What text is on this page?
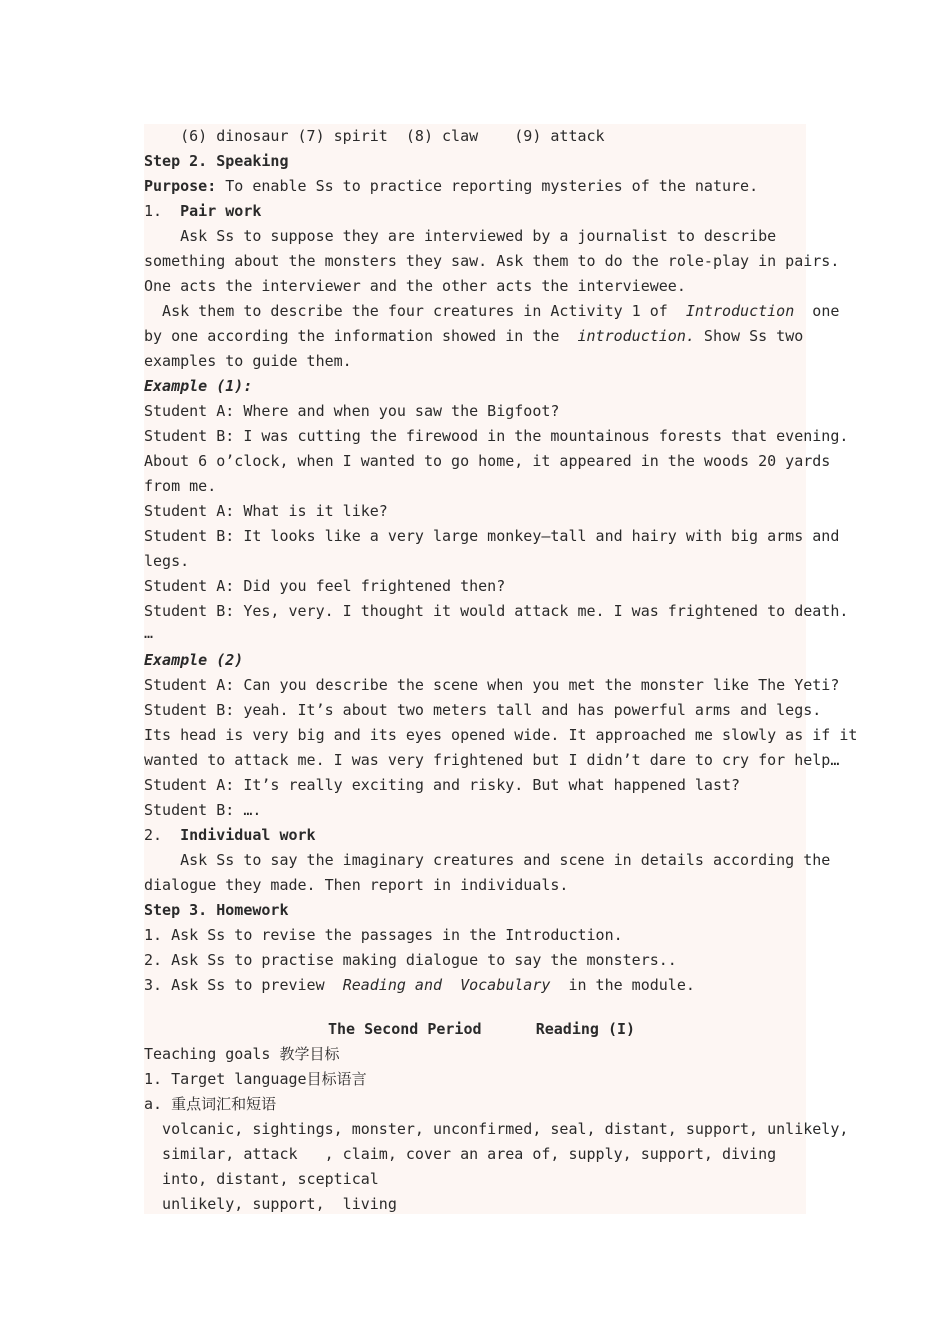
(6) dinosaur (7) spirit  (8) claw    (9) attack
Step 2. Speaking
Purpose: To enable Ss to practice reporting mysteries of the nature.
1.  Pair work
Ask Ss to suppose they are interviewed by a journalist to describe
something about the monsters they saw. Ask them to do the role-play in pairs.
One acts the interviewer and the other acts the interviewee.
Ask them to describe the four creatures in Activity 1 of  Introduction  one
by one according the information showed in the  introduction. Show Ss two
examples to guide them.
Example (1):
Student A: Where and when you saw the Bigfoot?
Student B: I was cutting the firewood in the mountainous forests that evening.
About 6 o’clock, when I wanted to go home, it appeared in the woods 20 yards
from me.
Student A: What is it like?
Student B: It looks like a very large monkey—tall and hairy with big arms and
legs.
Student A: Did you feel frightened then?
Student B: Yes, very. I thought it would attack me. I was frightened to death.
…
Example (2)
Student A: Can you describe the scene when you met the monster like The Yeti?
Student B: yeah. It’s about two meters tall and has powerful arms and legs.
Its head is very big and its eyes opened wide. It approached me slowly as if it
wanted to attack me. I was very frightened but I didn’t dare to cry for help…
Student A: It’s really exciting and risky. But what happened last?
Student B: ….
2.  Individual work
Ask Ss to say the imaginary creatures and scene in details according the
dialogue they made. Then report in individuals.
Step 3. Homework
1. Ask Ss to revise the passages in the Introduction.
2. Ask Ss to practise making dialogue to say the monsters..
3. Ask Ss to preview  Reading and  Vocabulary  in the module.
The Second Period      Reading (I)
Teaching goals 教学目标
1. Target language目标语言
a. 重点词汇和短语
volcanic, sightings, monster, unconfirmed, seal, distant, support, unlikely,
similar, attack   , claim, cover an area of, supply, support, diving
into, distant, sceptical
unlikely, support,  living
